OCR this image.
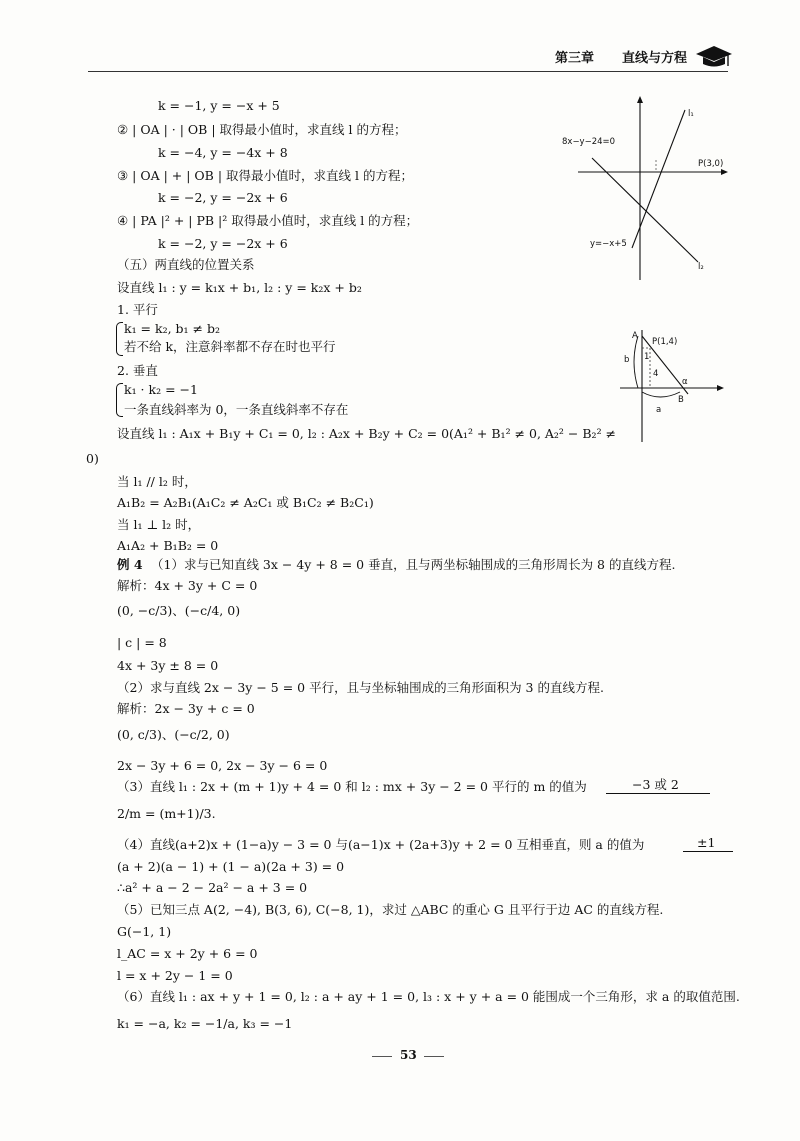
第三章 直线与方程
k = −1, y = −x + 5
② | OA | · | OB | 取得最小值时，求直线 l 的方程；
k = −4, y = −4x + 8
③ | OA | + | OB | 取得最小值时，求直线 l 的方程；
k = −2, y = −2x + 6
④ | PA |² + | PB |² 取得最小值时，求直线 l 的方程；
k = −2, y = −2x + 6
（五）两直线的位置关系
设直线 l₁ : y = k₁x + b₁, l₂ : y = k₂x + b₂
1. 平行
k₁ = k₂, b₁ ≠ b₂
若不给 k，注意斜率都不存在时也平行
2. 垂直
k₁ · k₂ = −1
一条直线斜率为 0，一条直线斜率不存在
设直线 l₁ : A₁x + B₁y + C₁ = 0, l₂ : A₂x + B₂y + C₂ = 0(A₁² + B₁² ≠ 0, A₂² − B₂² ≠
0)
当 l₁ // l₂ 时，
A₁B₂ = A₂B₁(A₁C₂ ≠ A₂C₁ 或 B₁C₂ ≠ B₂C₁)
当 l₁ ⊥ l₂ 时，
A₁A₂ + B₁B₂ = 0
例 4 （1）求与已知直线 3x − 4y + 8 = 0 垂直，且与两坐标轴围成的三角形周长为 8 的直线方程.
解析：4x + 3y + C = 0
(0, −c/3)、(−c/4, 0)
| c | = 8
4x + 3y ± 8 = 0
（2）求与直线 2x − 3y − 5 = 0 平行，且与坐标轴围成的三角形面积为 3 的直线方程.
解析：2x − 3y + c = 0
(0, c/3)、(−c/2, 0)
2x − 3y + 6 = 0, 2x − 3y − 6 = 0
（3）直线 l₁ : 2x + (m + 1)y + 4 = 0 和 l₂ : mx + 3y − 2 = 0 平行的 m 的值为	−3 或 2
2/m = (m+1)/3.
（4）直线(a+2)x + (1−a)y − 3 = 0 与(a−1)x + (2a+3)y + 2 = 0 互相垂直，则 a 的值为	±1
(a + 2)(a − 1) + (1 − a)(2a + 3) = 0
∴a² + a − 2 − 2a² − a + 3 = 0
（5）已知三点 A(2, −4), B(3, 6), C(−8, 1)，求过 △ABC 的重心 G 且平行于边 AC 的直线方程.
G(−1, 1)
l_AC = x + 2y + 6 = 0
l = x + 2y − 1 = 0
（6）直线 l₁ : ax + y + 1 = 0, l₂ : a + ay + 1 = 0, l₃ : x + y + a = 0 能围成一个三角形，求 a 的取值范围.
k₁ = −a, k₂ = −1/a, k₃ = −1
8x−y−24=0
l₁
l₂
P(3,0)
y=−x+5
A
P(1,4)
b 1
4
a
α
B
53
